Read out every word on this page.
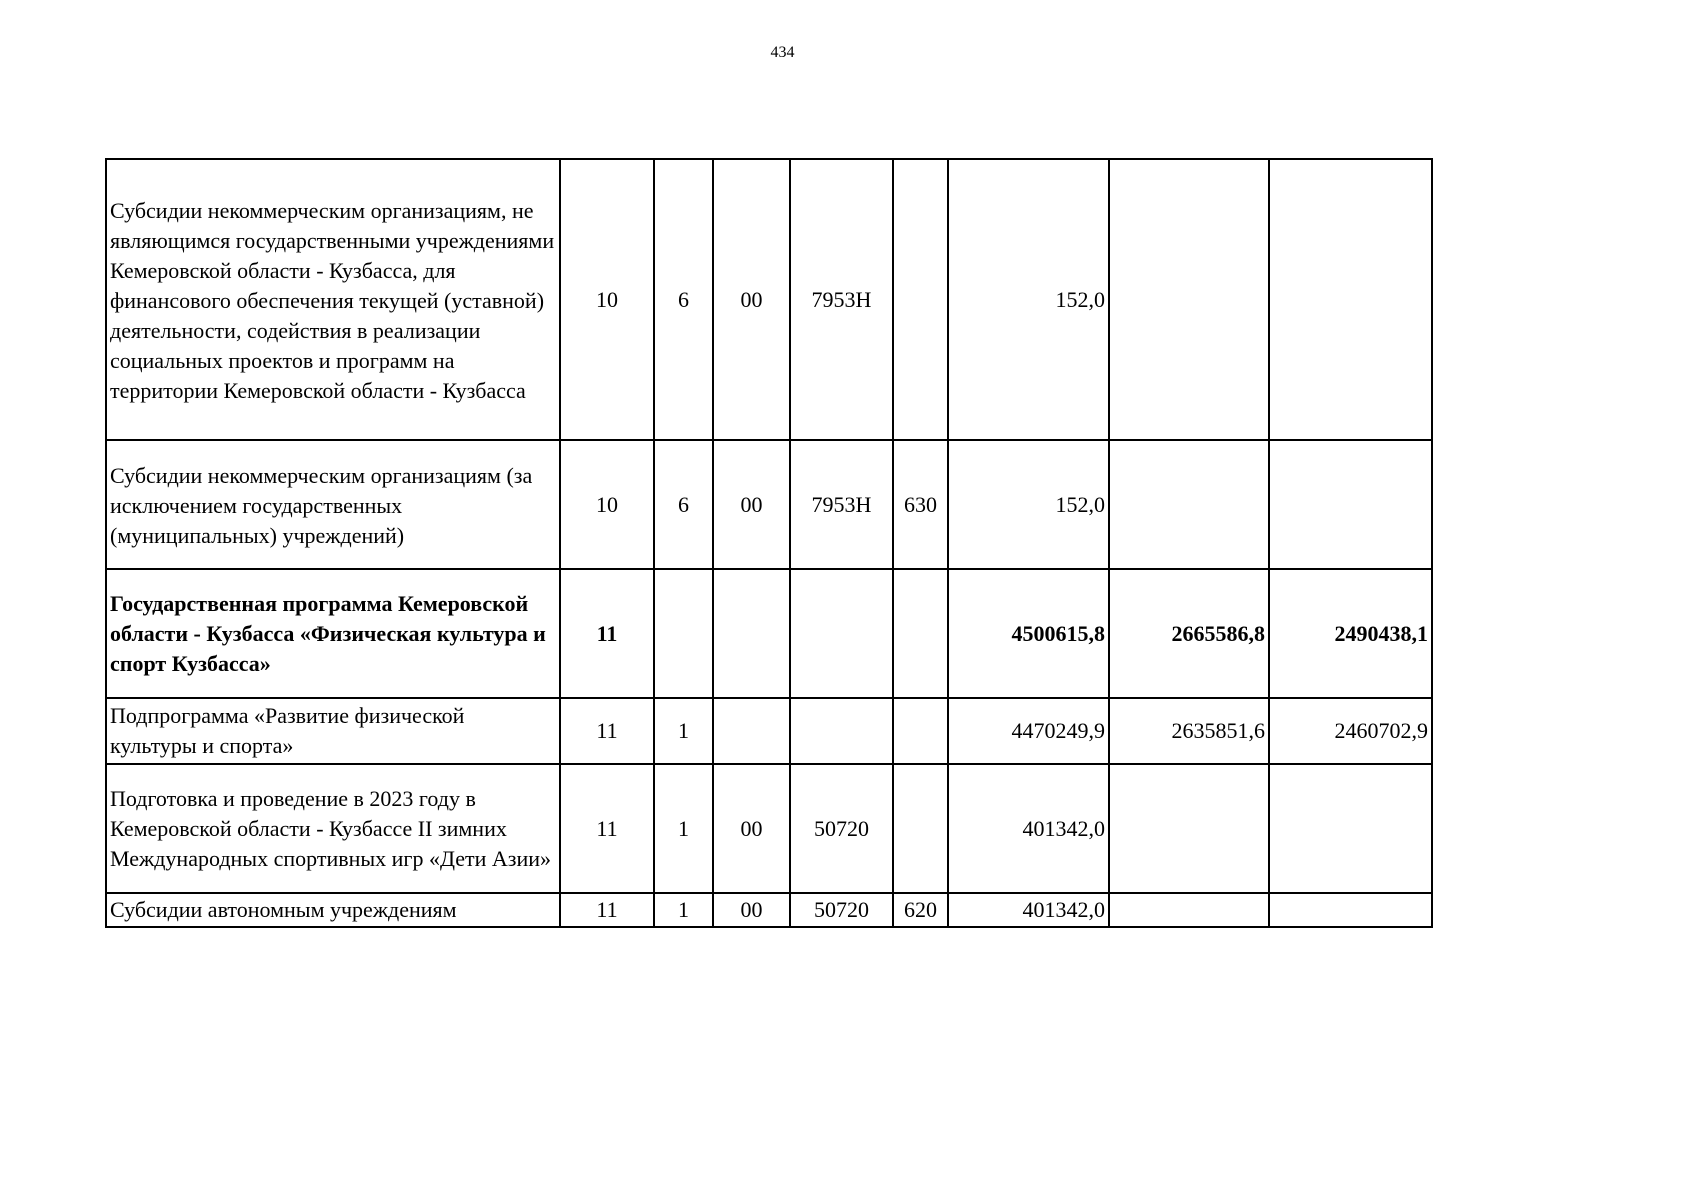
434
Субсидии некоммерческим организациям, не являющимся государственными учреждениями Кемеровской области - Кузбасса, для финансового обеспечения текущей (уставной) деятельности, содействия в реализации социальных проектов и программ на территории Кемеровской области - Кузбасса	10	6	00	7953Н		152,0		
Субсидии некоммерческим организациям (за исключением государственных (муниципальных) учреждений)	10	6	00	7953Н	630	152,0		
Государственная программа Кемеровской области - Кузбасса «Физическая культура и спорт Кузбасса»	11					4500615,8	2665586,8	2490438,1
Подпрограмма «Развитие физической культуры и спорта»	11	1				4470249,9	2635851,6	2460702,9
Подготовка и проведение в 2023 году в Кемеровской области - Кузбассе II зимних Международных спортивных игр «Дети Азии»	11	1	00	50720		401342,0		
Субсидии автономным учреждениям	11	1	00	50720	620	401342,0		
